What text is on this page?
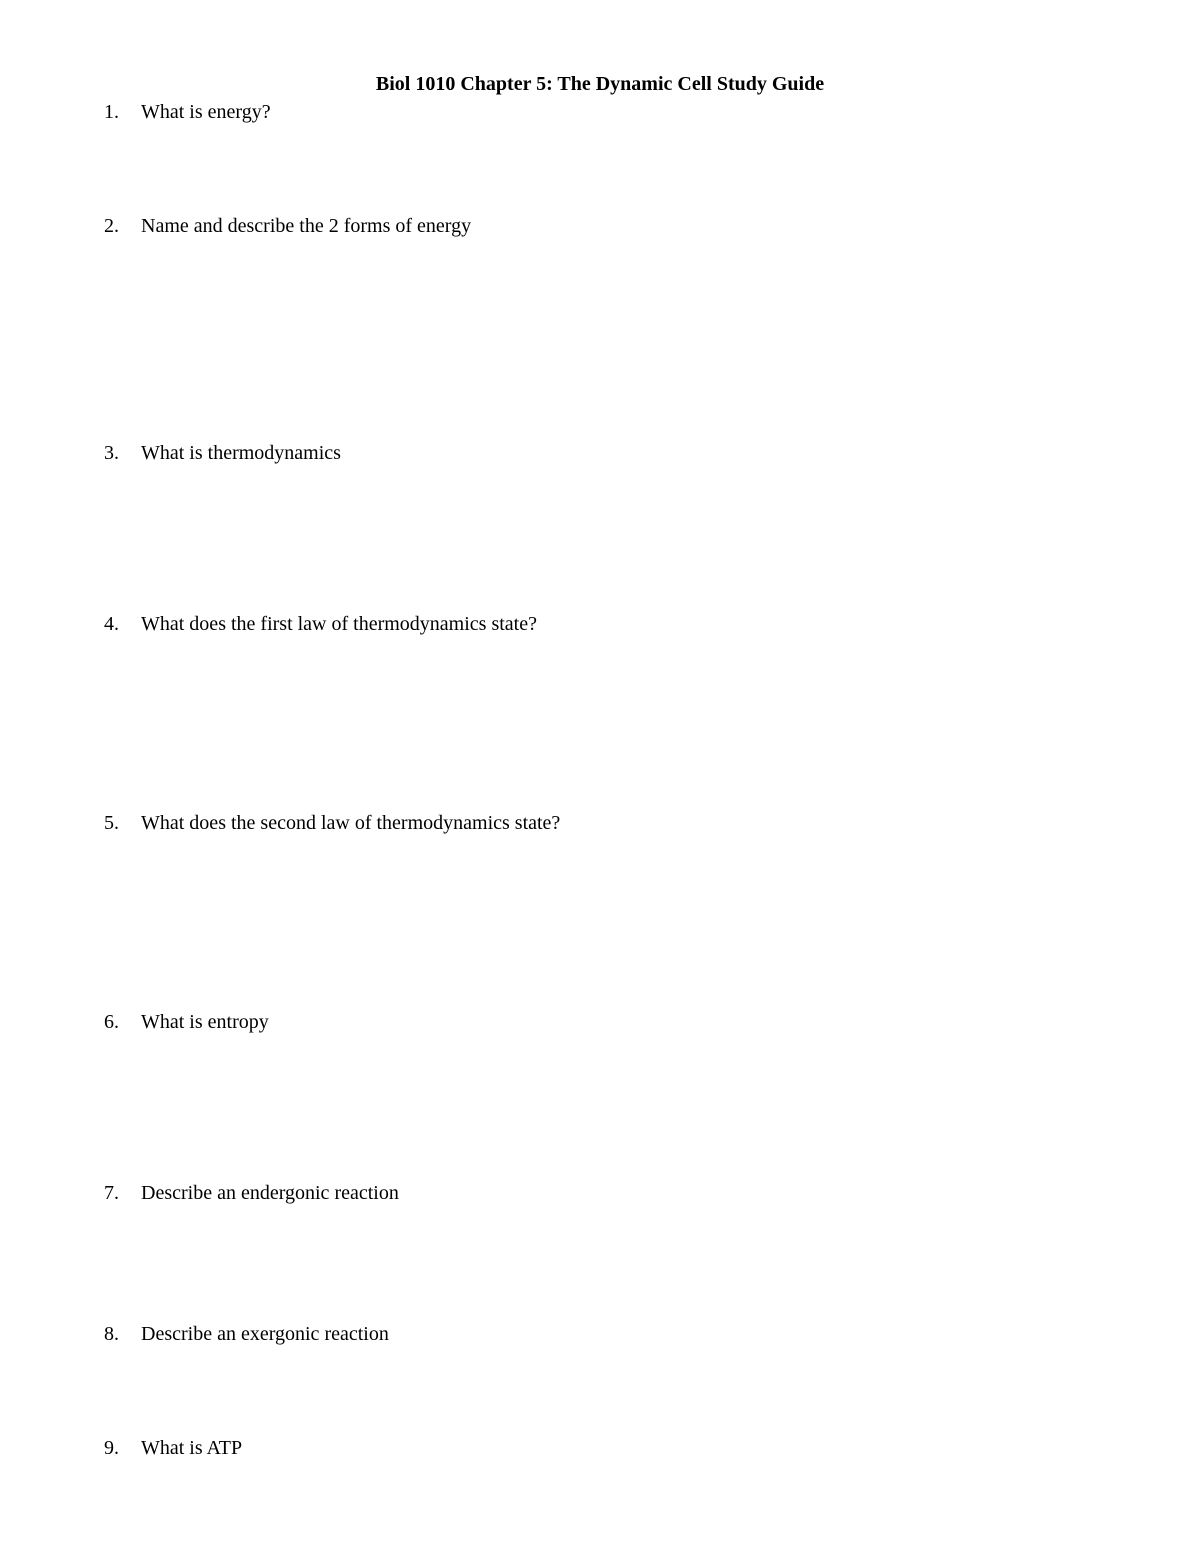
Biol 1010 Chapter 5: The Dynamic Cell Study Guide
1. What is energy?
2. Name and describe the 2 forms of energy
3. What is thermodynamics
4. What does the first law of thermodynamics state?
5. What does the second law of thermodynamics state?
6. What is entropy
7. Describe an endergonic reaction
8. Describe an exergonic reaction
9. What is ATP
